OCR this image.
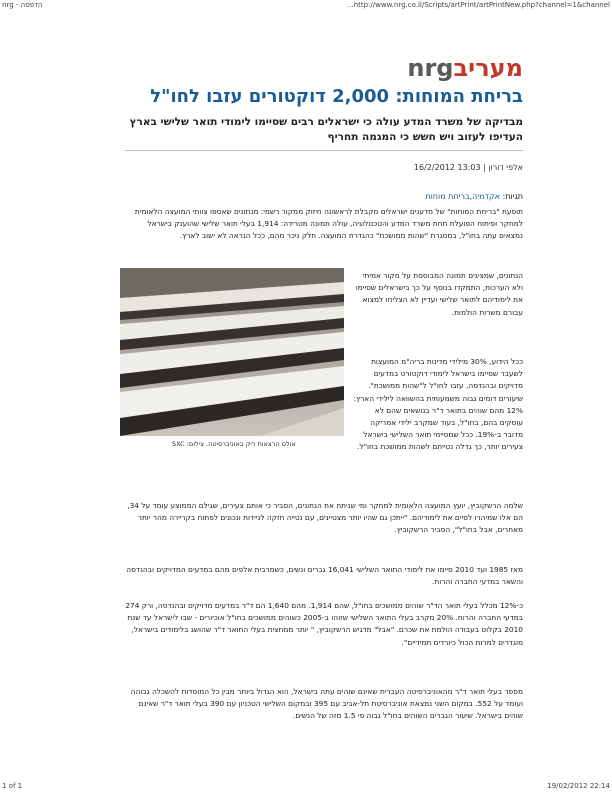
nrg - הדפסה	http://www.nrg.co.il/Scripts/artPrint/artPrintNew.php?channel=1&channel...
nrgמעריב
בריחת המוחות: 2,000 דוקטורים עזבו לחו"ל
מבדיקה של משרד המדע עולה כי ישראלים רבים שסיימו לימודי תואר שלישי בארץ העדיפו לעזוב ויש חשש כי המגמה תחריף
אלפי דורון | 13:03 16/2/2012
תגיות: אקדמיה,בריחת מוחות
תופעת "בריחת המוחות" של מדענים ישראלים מקבלת לראשונה חיזוק ממקור רשמי: מנתונים שאספו צוותי המועצה הלאומית למחקר ופיתוח הפועלת תחת משרד המדע והטכנולוגיה, עולה תמונה מטרידה: 1,914 בעלי תואר שלישי שהוענק בישראל נמצאים עתה בחו"ל, במסגרת "שהות ממושכת" כהגדרת המועצה. חלק ניכר מהם, ככל הנראה לא ישוב לארץ.
הנתונים, שמציגים תמונה המבוססת על מקור אמיתי ולא הערכות, התמקדו בנוסף על כך בישראלים שסיימו את לימודיהם לתואר שלישי ועדיין לא הצליחו למצוא עבורם משרות הולמות.
אולם הרצאות ריק באוניברסיטה. צילום: SXC
ככל הידוע, 30% מילידי מדינות בריה"מ המועצות לשעבר שסיימו בישראל לימודי דוקטורט במדעים מדויקים ובהנדסה, עזבו לחו"ל ל"שהות ממושכת". שיעורים דומים גבוה משמעותית בהשוואה לילידי הארץ: 12% מהם שוהים בתואר ד"ר בנושאים שהם לא עוסקים בהם, בחו"ל, בעוד שמקרב ילידי אמריקה מדובר ב-19%. ככל שמסיימי תואר השלישי בישראל צעירים יותר, כך גדלה נטייתם לשהות ממושכת בחו"ל.
שלמה הרשקוביץ, יועץ המועצה הלאומית למחקר ומי שניתח את הנתונים, הסביר כי אותם צעירים, שגילם הממוצע עומד על 34, הם אלו שמיהרו לסיים את לימודיהם. "ייתכן גם שהיו יותר מצטיינים, עם נטייה חזקה לניידות ונכונים לפתוח בקריירה מהר יותר מאחרים, אבל בחו"ל", הסביר הרשקוביץ.
מאז 1985 ועד 2010 סיימו את לימודי התואר השלישי 16,041 גברים ונשים, כשמרבית אלפים מהם במדעים המדויקים ובהנדסה והשאר במדעי החברה והרוח.
כ-12% מכלל בעלי תואר הד"ר שוהים ממושכים בחו"ל, שהם 1,914. מהם 1,640 הם ד"ר במדעים מדויקים ובהנדסה, ורק 274 במדעי החברה והרוח. 20% מקרב בעלי התואר השלישי שזוהו ב-2005 כשוהים ממושכים בחו"ל אוכיורים - שבו לישראל עד שנת 2010 בקלוט בעבודה הולמת את שכרם. "אבל" מדגיש הרשקוביץ, " יותר ממחצית בעלי התואר ד"ר שהושג בלימודים בישראל, מוגדרים למרות הכול כיורדים תמידיים".
מספר בעלי תואר ד"ר מהאוניברסיטה העברית שאינם שוהים עתה בישראל, הוא הגדול ביותר מבין כל המוסדות להשכלה גבוהה ועומד על 552. במקום השני נמצאת אוניברסיטת תל-אביב עם 395 ובמקום השלישי הטכניון עם 390 בעלי תואר ד"ר שאינם שוהים בישראל. שיעור הגברים השוהים בחו"ל גבוה פי 1.5 מזה של הנשים.
1 of 1	19/02/2012 22:14
